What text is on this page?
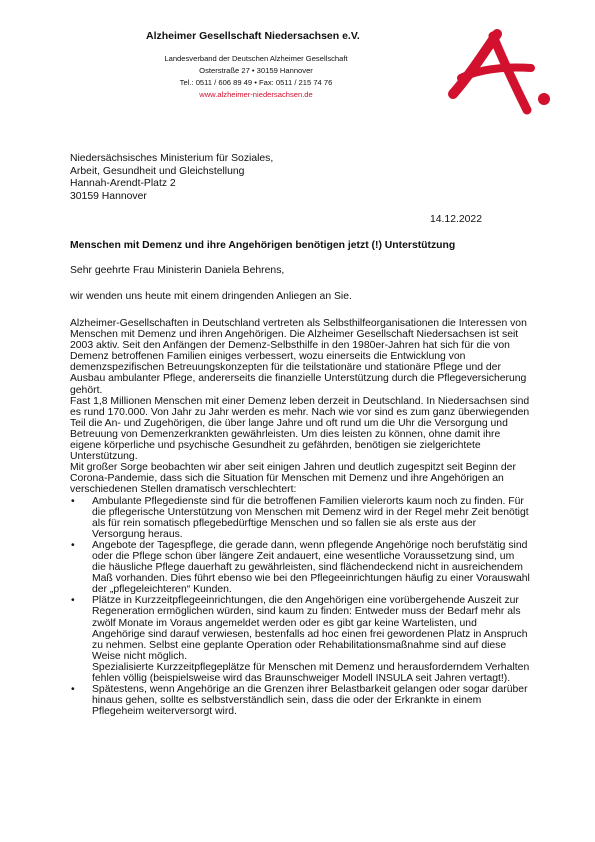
Alzheimer Gesellschaft Niedersachsen e.V.
Landesverband der Deutschen Alzheimer Gesellschaft
Osterstraße 27 • 30159 Hannover
Tel.: 0511 / 606 89 49 • Fax: 0511 / 215 74 76
www.alzheimer-niedersachsen.de
Niedersächsisches Ministerium für Soziales,
Arbeit, Gesundheit und Gleichstellung
Hannah-Arendt-Platz 2
30159 Hannover
14.12.2022
Menschen mit Demenz und ihre Angehörigen benötigen jetzt (!) Unterstützung
Sehr geehrte Frau Ministerin Daniela Behrens,
wir wenden uns heute mit einem dringenden Anliegen an Sie.

Alzheimer-Gesellschaften in Deutschland vertreten als Selbsthilfeorganisationen die Interessen von Menschen mit Demenz und ihren Angehörigen. Die Alzheimer Gesellschaft Niedersachsen ist seit 2003 aktiv. Seit den Anfängen der Demenz-Selbsthilfe in den 1980er-Jahren hat sich für die von Demenz betroffenen Familien einiges verbessert, wozu einerseits die Entwicklung von demenzspezifischen Betreuungskonzepten für die teilstationäre und stationäre Pflege und der Ausbau ambulanter Pflege, andererseits die finanzielle Unterstützung durch die Pflegeversicherung gehört.

Fast 1,8 Millionen Menschen mit einer Demenz leben derzeit in Deutschland. In Niedersachsen sind es rund 170.000. Von Jahr zu Jahr werden es mehr. Nach wie vor sind es zum ganz überwiegenden Teil die An- und Zugehörigen, die über lange Jahre und oft rund um die Uhr die Versorgung und Betreuung von Demenzerkrankten gewährleisten. Um dies leisten zu können, ohne damit ihre eigene körperliche und psychische Gesundheit zu gefährden, benötigen sie zielgerichtete Unterstützung.

Mit großer Sorge beobachten wir aber seit einigen Jahren und deutlich zugespitzt seit Beginn der Corona-Pandemie, dass sich die Situation für Menschen mit Demenz und ihre Angehörigen an verschiedenen Stellen dramatisch verschlechtert:

• Ambulante Pflegedienste sind für die betroffenen Familien vielerorts kaum noch zu finden. Für die pflegerische Unterstützung von Menschen mit Demenz wird in der Regel mehr Zeit benötigt als für rein somatisch pflegebedürftige Menschen und so fallen sie als erste aus der Versorgung heraus.
• Angebote der Tagespflege, die gerade dann, wenn pflegende Angehörige noch berufstätig sind oder die Pflege schon über längere Zeit andauert, eine wesentliche Voraussetzung sind, um die häusliche Pflege dauerhaft zu gewährleisten, sind flächendeckend nicht in ausreichendem Maß vorhanden. Dies führt ebenso wie bei den Pflegeeinrichtungen häufig zu einer Vorauswahl der „pflegeleichteren“ Kunden.
• Plätze in Kurzzeitpflegeeinrichtungen, die den Angehörigen eine vorübergehende Auszeit zur Regeneration ermöglichen würden, sind kaum zu finden: Entweder muss der Bedarf mehr als zwölf Monate im Voraus angemeldet werden oder es gibt gar keine Wartelisten, und Angehörige sind darauf verwiesen, bestenfalls ad hoc einen frei gewordenen Platz in Anspruch zu nehmen. Selbst eine geplante Operation oder Rehabilitationsmaßnahme sind auf diese Weise nicht möglich.
Spezialisierte Kurzzeitpflegeplätze für Menschen mit Demenz und herausforderndem Verhalten fehlen völlig (beispielsweise wird das Braunschweiger Modell INSULA seit Jahren vertagt!).
• Spätestens, wenn Angehörige an die Grenzen ihrer Belastbarkeit gelangen oder sogar darüber hinaus gehen, sollte es selbstverständlich sein, dass die oder der Erkrankte in einem Pflegeheim weiterversorgt wird.
